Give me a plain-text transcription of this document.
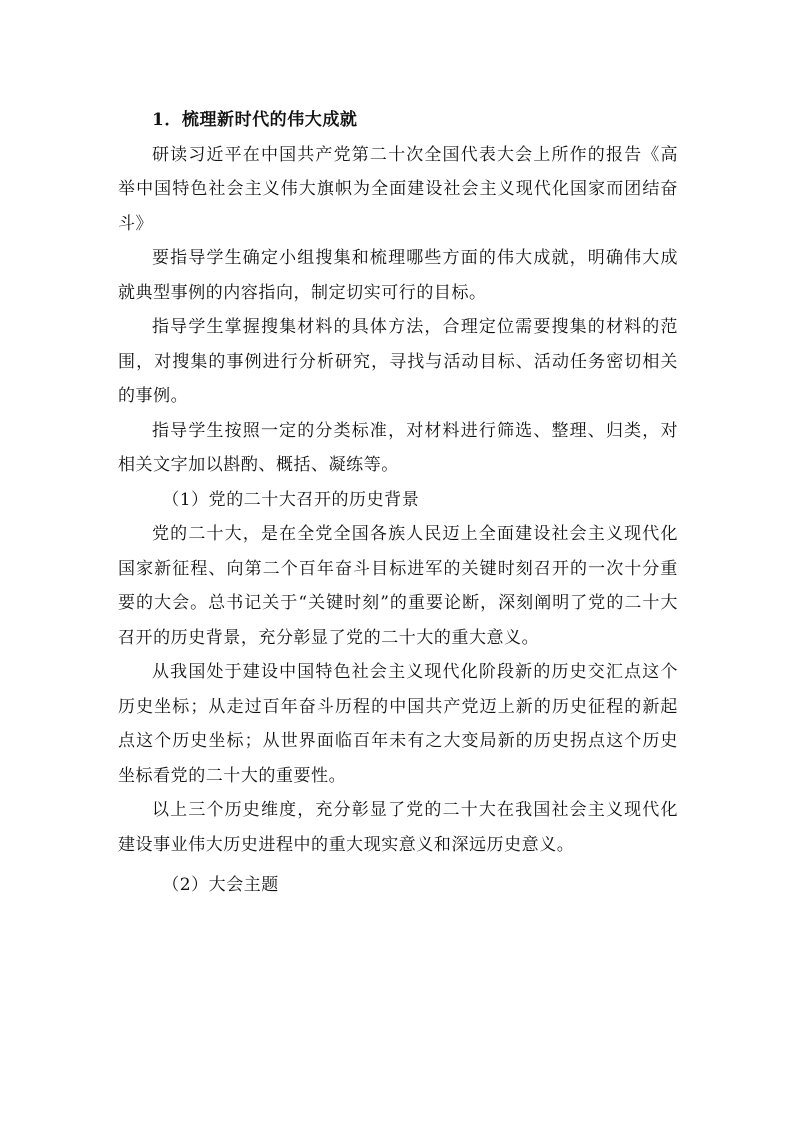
1．梳理新时代的伟大成就

研读习近平在中国共产党第二十次全国代表大会上所作的报告《高举中国特色社会主义伟大旗帜为全面建设社会主义现代化国家而团结奋斗》

要指导学生确定小组搜集和梳理哪些方面的伟大成就，明确伟大成就典型事例的内容指向，制定切实可行的目标。

指导学生掌握搜集材料的具体方法，合理定位需要搜集的材料的范围，对搜集的事例进行分析研究，寻找与活动目标、活动任务密切相关的事例。

指导学生按照一定的分类标准，对材料进行筛选、整理、归类，对相关文字加以斟酌、概括、凝练等。

（1）党的二十大召开的历史背景

党的二十大，是在全党全国各族人民迈上全面建设社会主义现代化国家新征程、向第二个百年奋斗目标进军的关键时刻召开的一次十分重要的大会。总书记关于“关键时刻”的重要论断，深刻阐明了党的二十大召开的历史背景，充分彰显了党的二十大的重大意义。

从我国处于建设中国特色社会主义现代化阶段新的历史交汇点这个历史坐标；从走过百年奋斗历程的中国共产党迈上新的历史征程的新起点这个历史坐标；从世界面临百年未有之大变局新的历史拐点这个历史坐标看党的二十大的重要性。

以上三个历史维度，充分彰显了党的二十大在我国社会主义现代化建设事业伟大历史进程中的重大现实意义和深远历史意义。

（2）大会主题
